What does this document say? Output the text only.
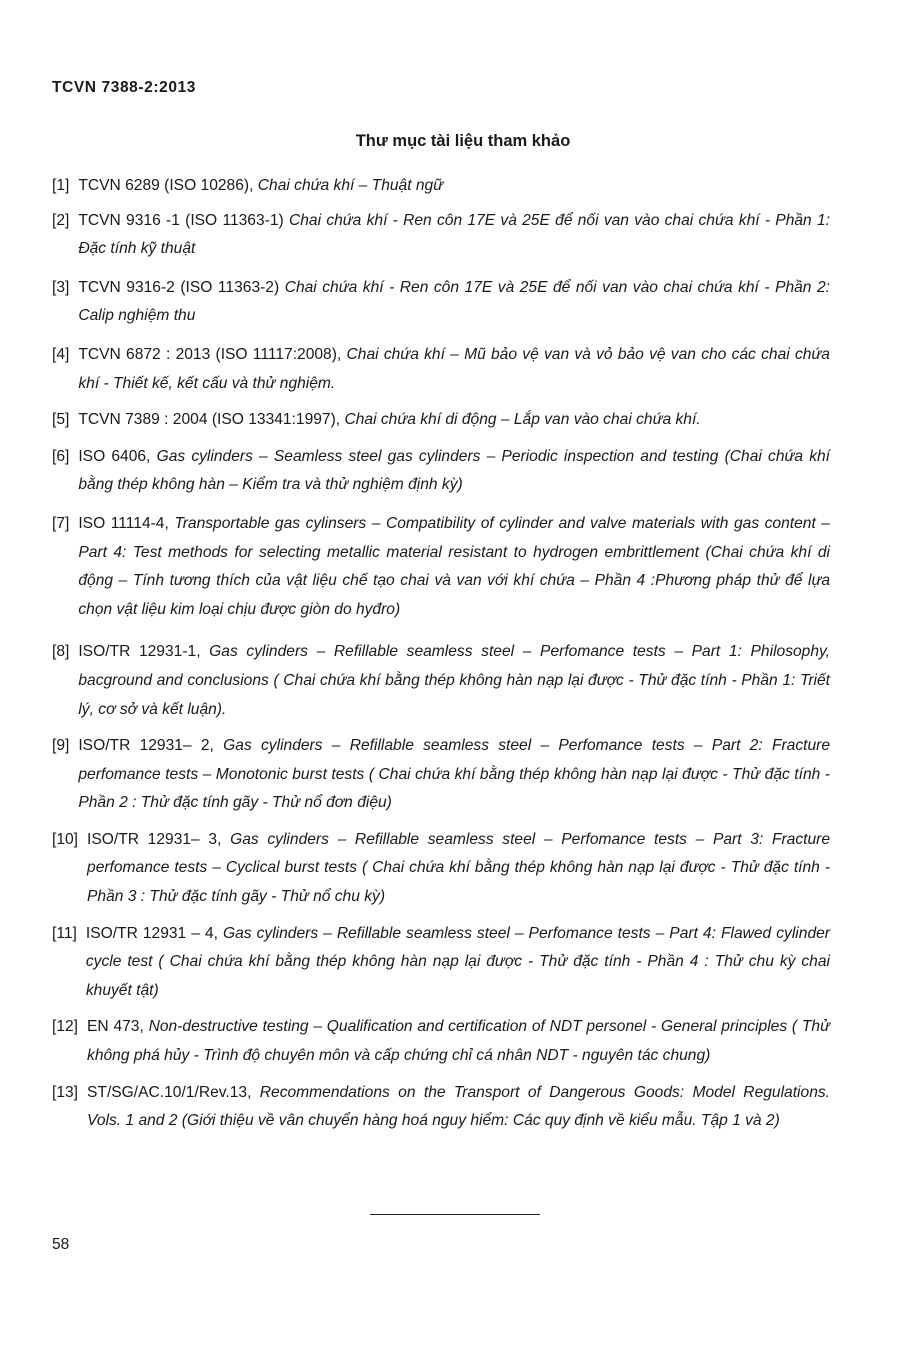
TCVN 7388-2:2013
Thư mục tài liệu tham khảo
[1] TCVN 6289 (ISO 10286), Chai chứa khí – Thuật ngữ
[2] TCVN 9316 -1 (ISO 11363-1) Chai chứa khí - Ren côn 17E và 25E để nối van vào chai chứa khí - Phần 1: Đặc tính kỹ thuật
[3] TCVN 9316-2 (ISO 11363-2) Chai chứa khí - Ren côn 17E và 25E để nối van vào chai chứa khí - Phần 2: Calip nghiệm thu
[4] TCVN 6872 : 2013 (ISO 11117:2008), Chai chứa khí – Mũ bảo vệ van và vỏ bảo vệ van cho các chai chứa khí - Thiết kế, kết cấu và thử nghiệm.
[5] TCVN 7389 : 2004 (ISO 13341:1997), Chai chứa khí di động – Lắp van vào chai chứa khí.
[6] ISO 6406, Gas cylinders – Seamless steel gas cylinders – Periodic inspection and testing (Chai chứa khí bằng thép không hàn – Kiểm tra và thử nghiệm định kỳ)
[7] ISO 11114-4, Transportable gas cylinsers – Compatibility of cylinder and valve materials with gas content – Part 4: Test methods for selecting metallic material resistant to hydrogen embrittlement (Chai chứa khí di động – Tính tương thích của vật liệu chế tạo chai và van với khí chứa – Phần 4 :Phương pháp thử để lựa chọn vật liệu kim loại chịu được giòn do hyđro)
[8] ISO/TR 12931-1, Gas cylinders – Refillable seamless steel – Perfomance tests – Part 1: Philosophy, bacground and conclusions ( Chai chứa khí bằng thép không hàn nạp lại được - Thử đặc tính - Phần 1: Triết lý, cơ sở và kết luận).
[9] ISO/TR 12931– 2, Gas cylinders – Refillable seamless steel – Perfomance tests – Part 2: Fracture perfomance tests – Monotonic burst tests ( Chai chứa khí bằng thép không hàn nạp lại được - Thử đặc tính - Phần 2 : Thử đặc tính gãy - Thử nổ đơn điệu)
[10] ISO/TR 12931– 3, Gas cylinders – Refillable seamless steel – Perfomance tests – Part 3: Fracture perfomance tests – Cyclical burst tests ( Chai chứa khí bằng thép không hàn nạp lại được - Thử đặc tính - Phần 3 : Thử đặc tính gãy - Thử nổ chu kỳ)
[11] ISO/TR 12931 – 4, Gas cylinders – Refillable seamless steel – Perfomance tests – Part 4: Flawed cylinder cycle test ( Chai chứa khí bằng thép không hàn nạp lại được - Thử đặc tính - Phần 4 : Thử chu kỳ chai khuyết tật)
[12] EN 473, Non-destructive testing – Qualification and certification of NDT personel - General principles ( Thử không phá hủy - Trình độ chuyên môn và cấp chứng chỉ cá nhân NDT - nguyên tác chung)
[13] ST/SG/AC.10/1/Rev.13, Recommendations on the Transport of Dangerous Goods: Model Regulations. Vols. 1 and 2 (Giới thiệu về vân chuyển hàng hoá nguy hiểm: Các quy định về kiểu mẫu. Tập 1 và 2)
58
